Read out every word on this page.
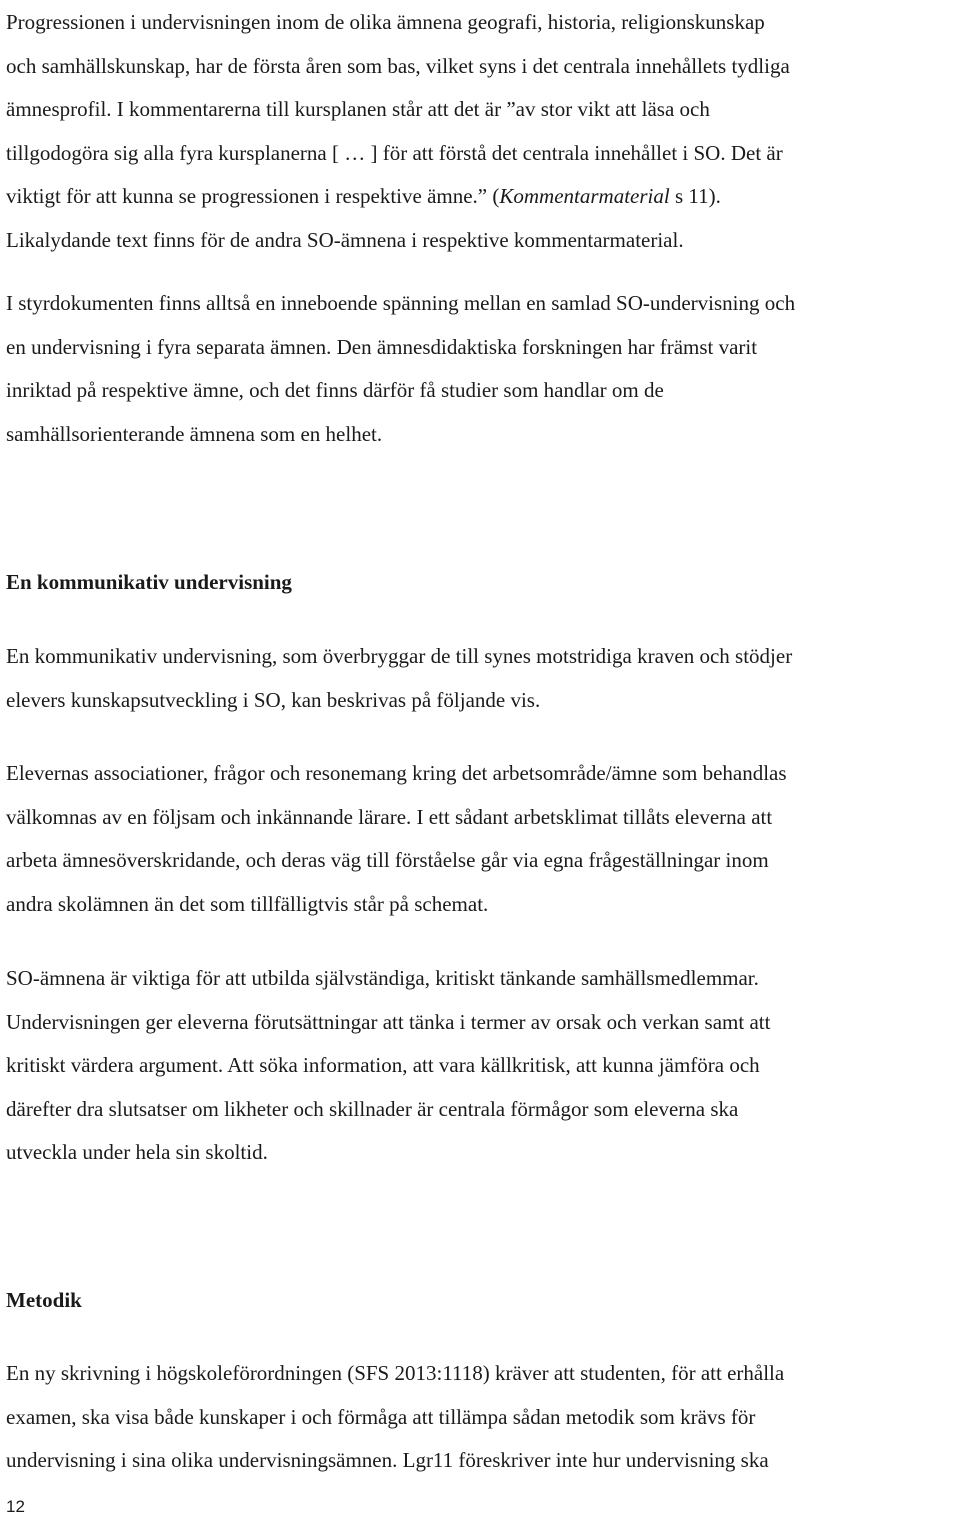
Progressionen i undervisningen inom de olika ämnena geografi, historia, religionskunskap
och samhällskunskap, har de första åren som bas, vilket syns i det centrala innehållets tydliga
ämnesprofil. I kommentarerna till kursplanen står att det är ”av stor vikt att läsa och
tillgodogöra sig alla fyra kursplanerna [ … ] för att förstå det centrala innehållet i SO. Det är
viktigt för att kunna se progressionen i respektive ämne.” (Kommentarmaterial s 11).
Likalydande text finns för de andra SO-ämnena i respektive kommentarmaterial.
I styrdokumenten finns alltså en inneboende spänning mellan en samlad SO-undervisning och
en undervisning i fyra separata ämnen. Den ämnesdidaktiska forskningen har främst varit
inriktad på respektive ämne, och det finns därför få studier som handlar om de
samhällsorienterande ämnena som en helhet.
En kommunikativ undervisning
En kommunikativ undervisning, som överbryggar de till synes motstridiga kraven och stödjer
elevers kunskapsutveckling i SO, kan beskrivas på följande vis.
Elevernas associationer, frågor och resonemang kring det arbetsområde/ämne som behandlas
välkomnas av en följsam och inkännande lärare. I ett sådant arbetsklimat tillåts eleverna att
arbeta ämnesöverskridande, och deras väg till förståelse går via egna frågeställningar inom
andra skolämnen än det som tillfälligtvis står på schemat.
SO-ämnena är viktiga för att utbilda självständiga, kritiskt tänkande samhällsmedlemmar.
Undervisningen ger eleverna förutsättningar att tänka i termer av orsak och verkan samt att
kritiskt värdera argument. Att söka information, att vara källkritisk, att kunna jämföra och
därefter dra slutsatser om likheter och skillnader är centrala förmågor som eleverna ska
utveckla under hela sin skoltid.
Metodik
En ny skrivning i högskoleförordningen (SFS 2013:1118) kräver att studenten, för att erhålla
examen, ska visa både kunskaper i och förmåga att tillämpa sådan metodik som krävs för
undervisning i sina olika undervisningsämnen. Lgr11 föreskriver inte hur undervisning ska
12
